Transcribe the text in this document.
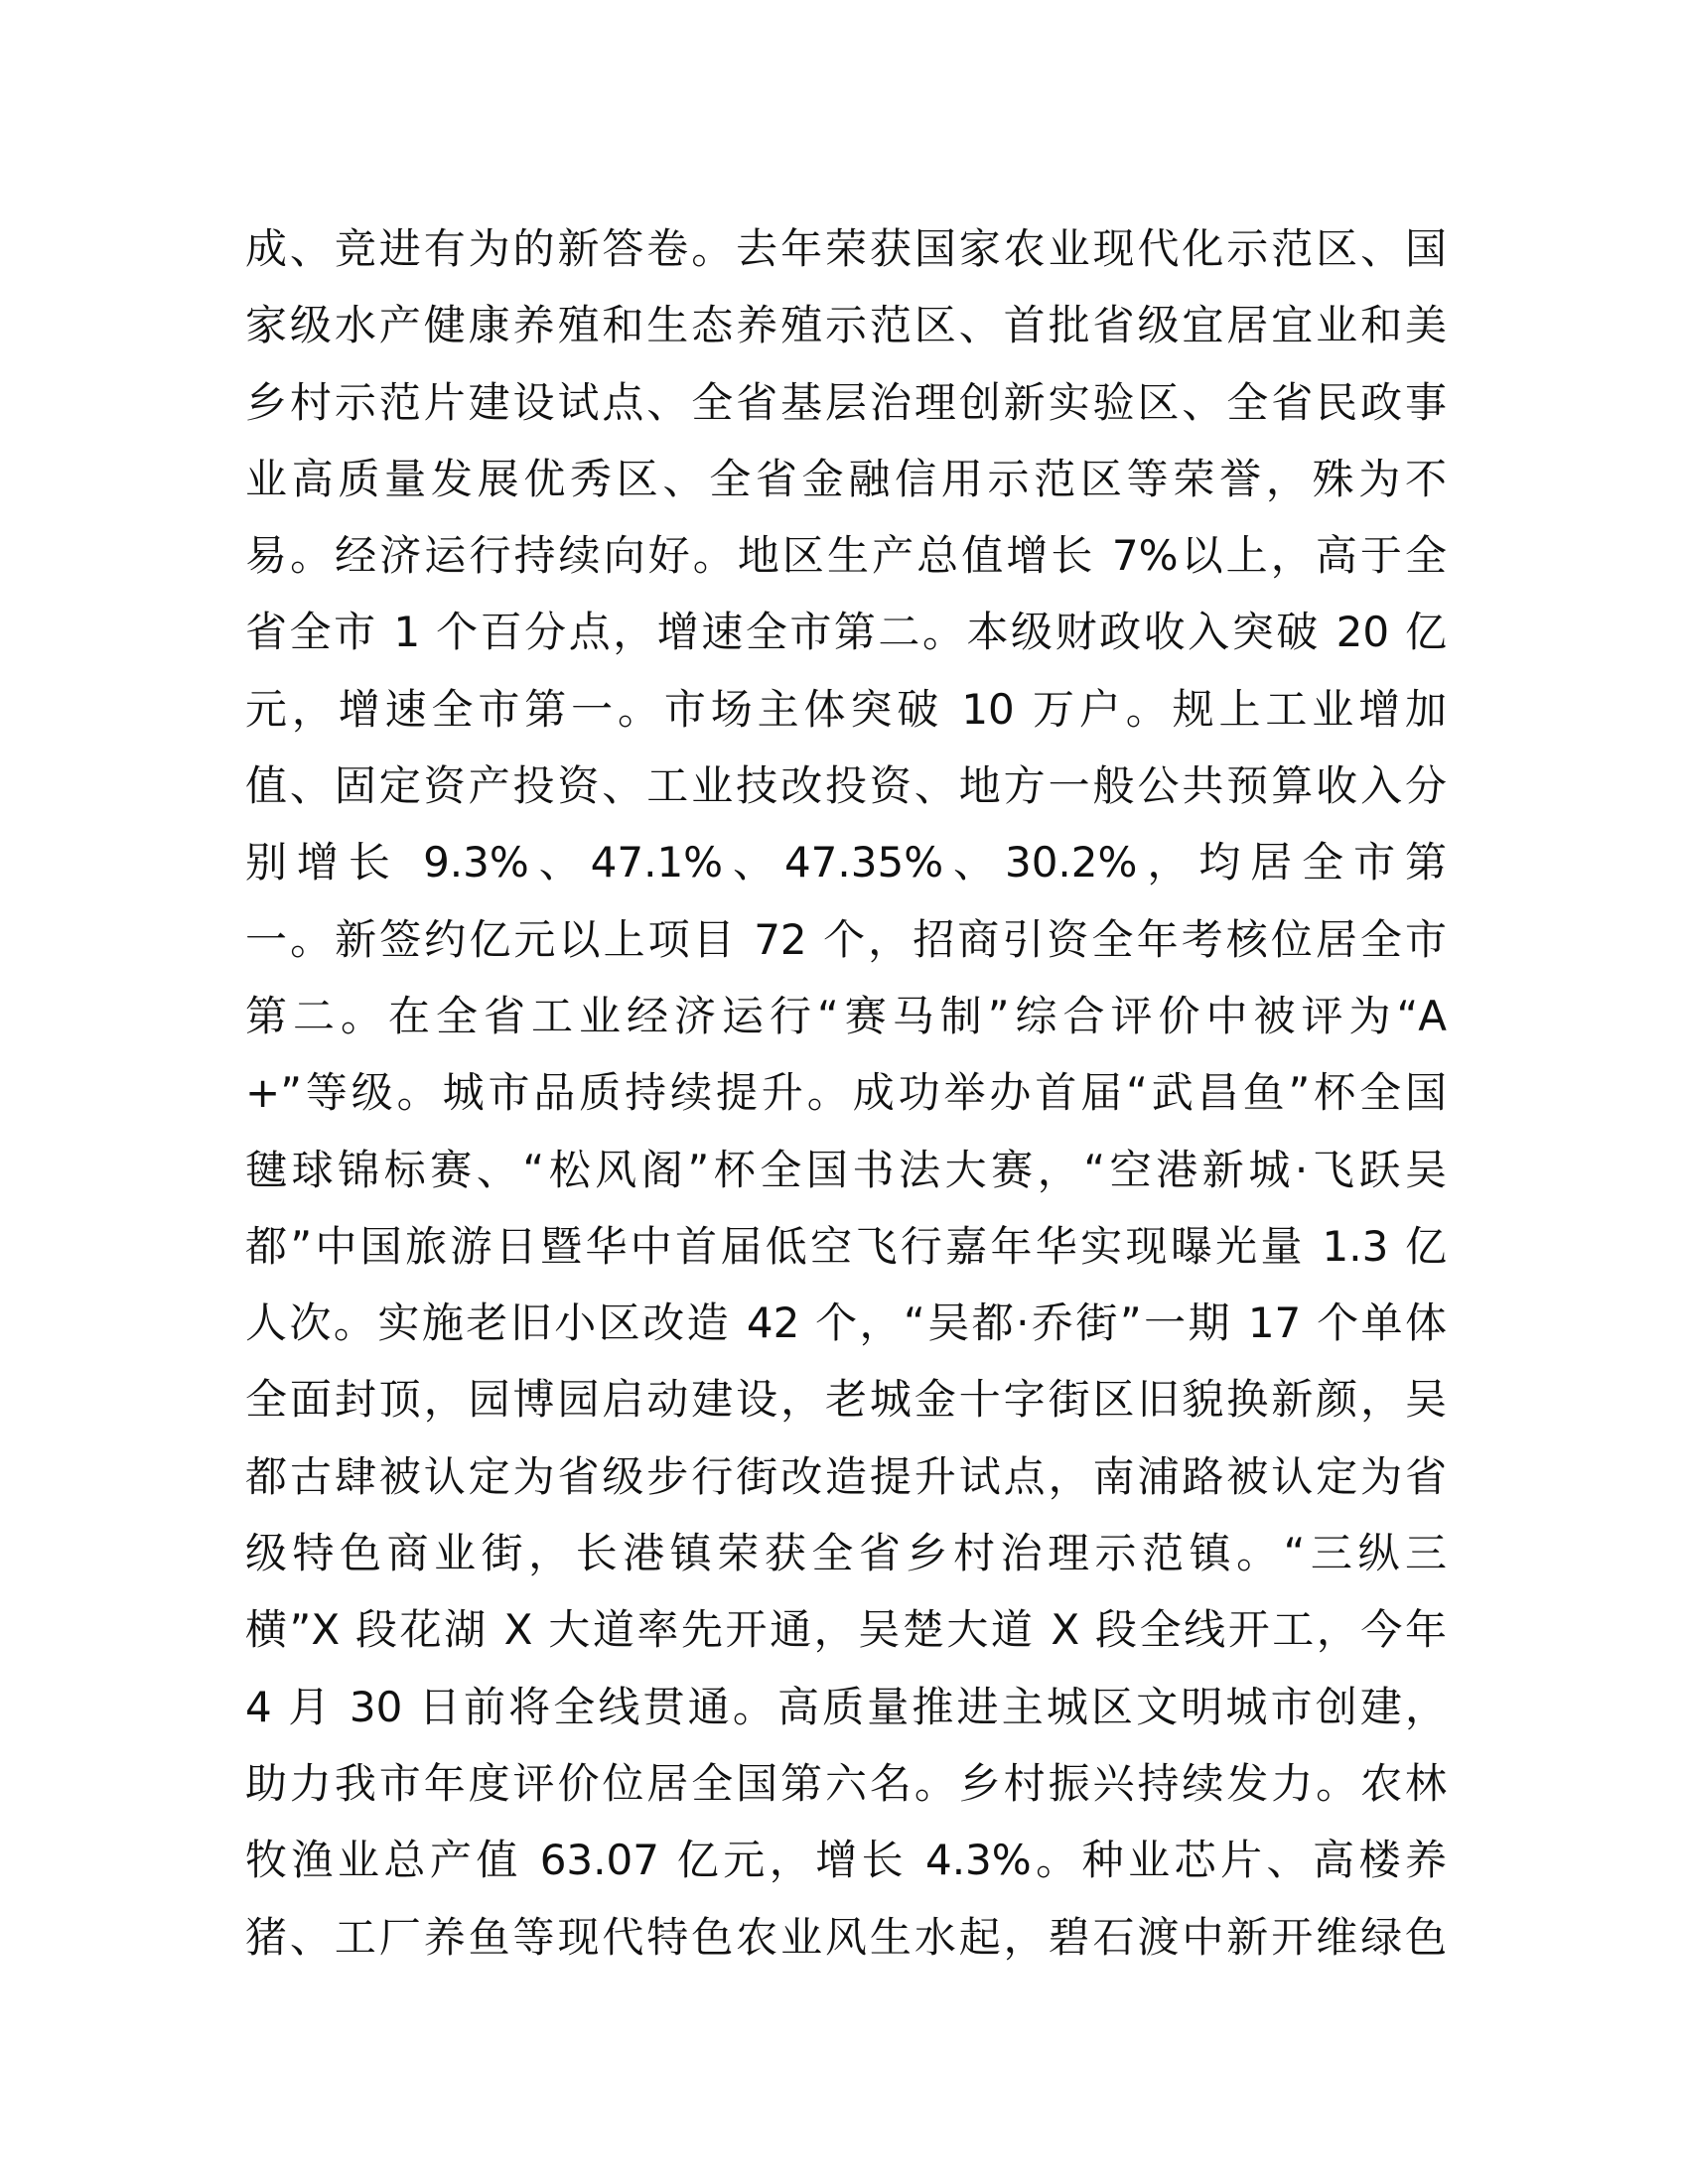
成、竞进有为的新答卷。去年荣获国家农业现代化示范区、国
家级水产健康养殖和生态养殖示范区、首批省级宜居宜业和美
乡村示范片建设试点、全省基层治理创新实验区、全省民政事
业高质量发展优秀区、全省金融信用示范区等荣誉，殊为不
易。经济运行持续向好。地区生产总值增长 7%以上，高于全
省全市 1 个百分点，增速全市第二。本级财政收入突破 20 亿
元，增速全市第一。市场主体突破 10 万户。规上工业增加
值、固定资产投资、工业技改投资、地方一般公共预算收入分
别增长 9.3%、47.1%、47.35%、30.2%，均居全市第
一。新签约亿元以上项目 72 个，招商引资全年考核位居全市
第二。在全省工业经济运行“赛马制”综合评价中被评为“A
+”等级。城市品质持续提升。成功举办首届“武昌鱼”杯全国
毽球锦标赛、“松风阁”杯全国书法大赛，“空港新城·飞跃吴
都”中国旅游日暨华中首届低空飞行嘉年华实现曝光量 1.3 亿
人次。实施老旧小区改造 42 个，“吴都·乔街”一期 17 个单体
全面封顶，园博园启动建设，老城金十字街区旧貌换新颜，吴
都古肆被认定为省级步行街改造提升试点，南浦路被认定为省
级特色商业街，长港镇荣获全省乡村治理示范镇。“三纵三
横”X 段花湖 X 大道率先开通，吴楚大道 X 段全线开工，今年
4 月 30 日前将全线贯通。高质量推进主城区文明城市创建，
助力我市年度评价位居全国第六名。乡村振兴持续发力。农林
牧渔业总产值 63.07 亿元，增长 4.3%。种业芯片、高楼养
猪、工厂养鱼等现代特色农业风生水起，碧石渡中新开维绿色
